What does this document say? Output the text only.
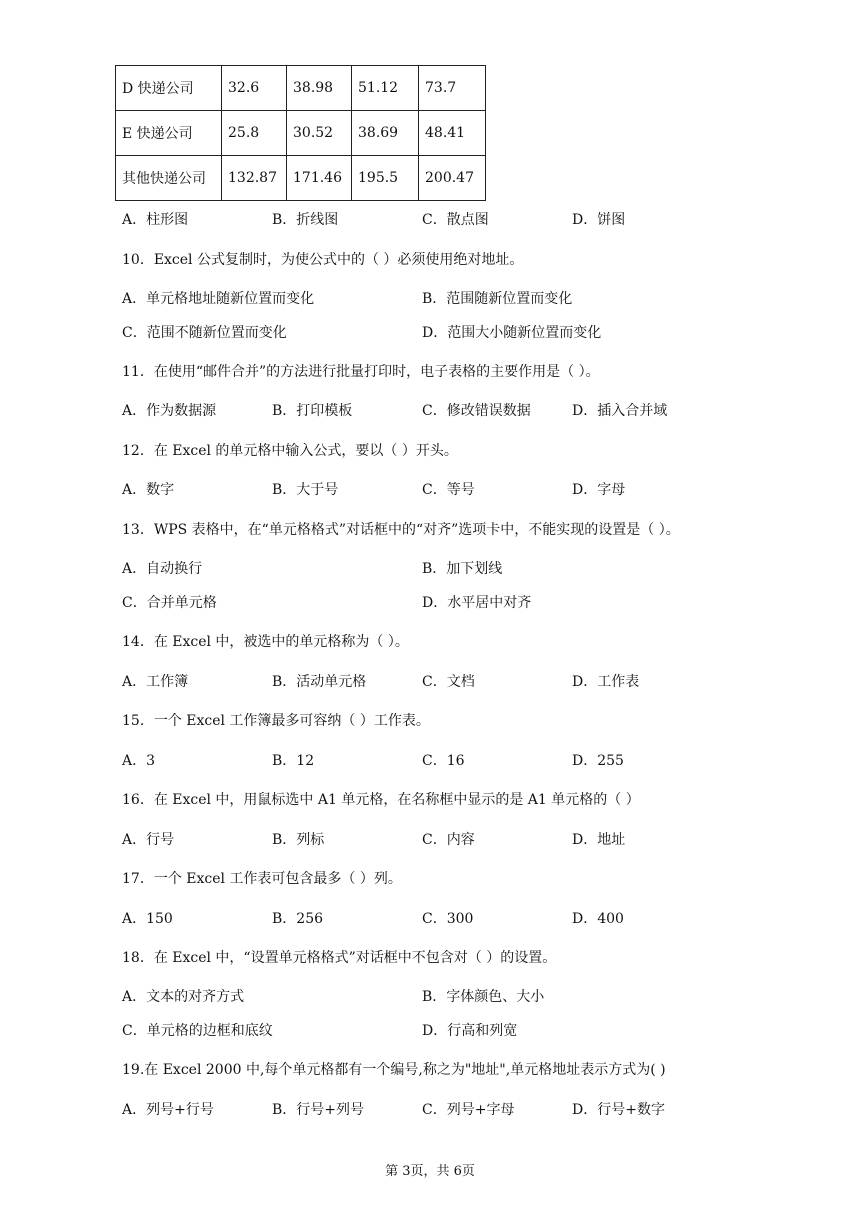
D 快递公司	32.6	38.98	51.12	73.7
E 快递公司	25.8	30.52	38.69	48.41
其他快递公司	132.87	171.46	195.5	200.47
A．柱形图	B．折线图	C．散点图	D．饼图
10．Excel 公式复制时，为使公式中的（ ）必须使用绝对地址。
A．单元格地址随新位置而变化	B．范围随新位置而变化
C．范围不随新位置而变化	D．范围大小随新位置而变化
11．在使用“邮件合并”的方法进行批量打印时，电子表格的主要作用是（ ）。
A．作为数据源	B．打印模板	C．修改错误数据	D．插入合并域
12．在 Excel 的单元格中输入公式，要以（ ）开头。
A．数字	B．大于号	C．等号	D．字母
13．WPS 表格中，在“单元格格式”对话框中的“对齐”选项卡中，不能实现的设置是（ ）。
A．自动换行	B．加下划线
C．合并单元格	D．水平居中对齐
14．在 Excel 中，被选中的单元格称为（ ）。
A．工作簿	B．活动单元格	C．文档	D．工作表
15．一个 Excel 工作簿最多可容纳（ ）工作表。
A．3	B．12	C．16	D．255
16．在 Excel 中，用鼠标选中 A1 单元格，在名称框中显示的是 A1 单元格的（ ）
A．行号	B．列标	C．内容	D．地址
17．一个 Excel 工作表可包含最多（ ）列。
A．150	B．256	C．300	D．400
18．在 Excel 中，“设置单元格格式”对话框中不包含对（ ）的设置。
A．文本的对齐方式	B．字体颜色、大小
C．单元格的边框和底纹	D．行高和列宽
19.在 Excel 2000 中,每个单元格都有一个编号,称之为"地址",单元格地址表示方式为( )
A．列号+行号	B．行号+列号	C．列号+字母	D．行号+数字
第 3页，共 6页
